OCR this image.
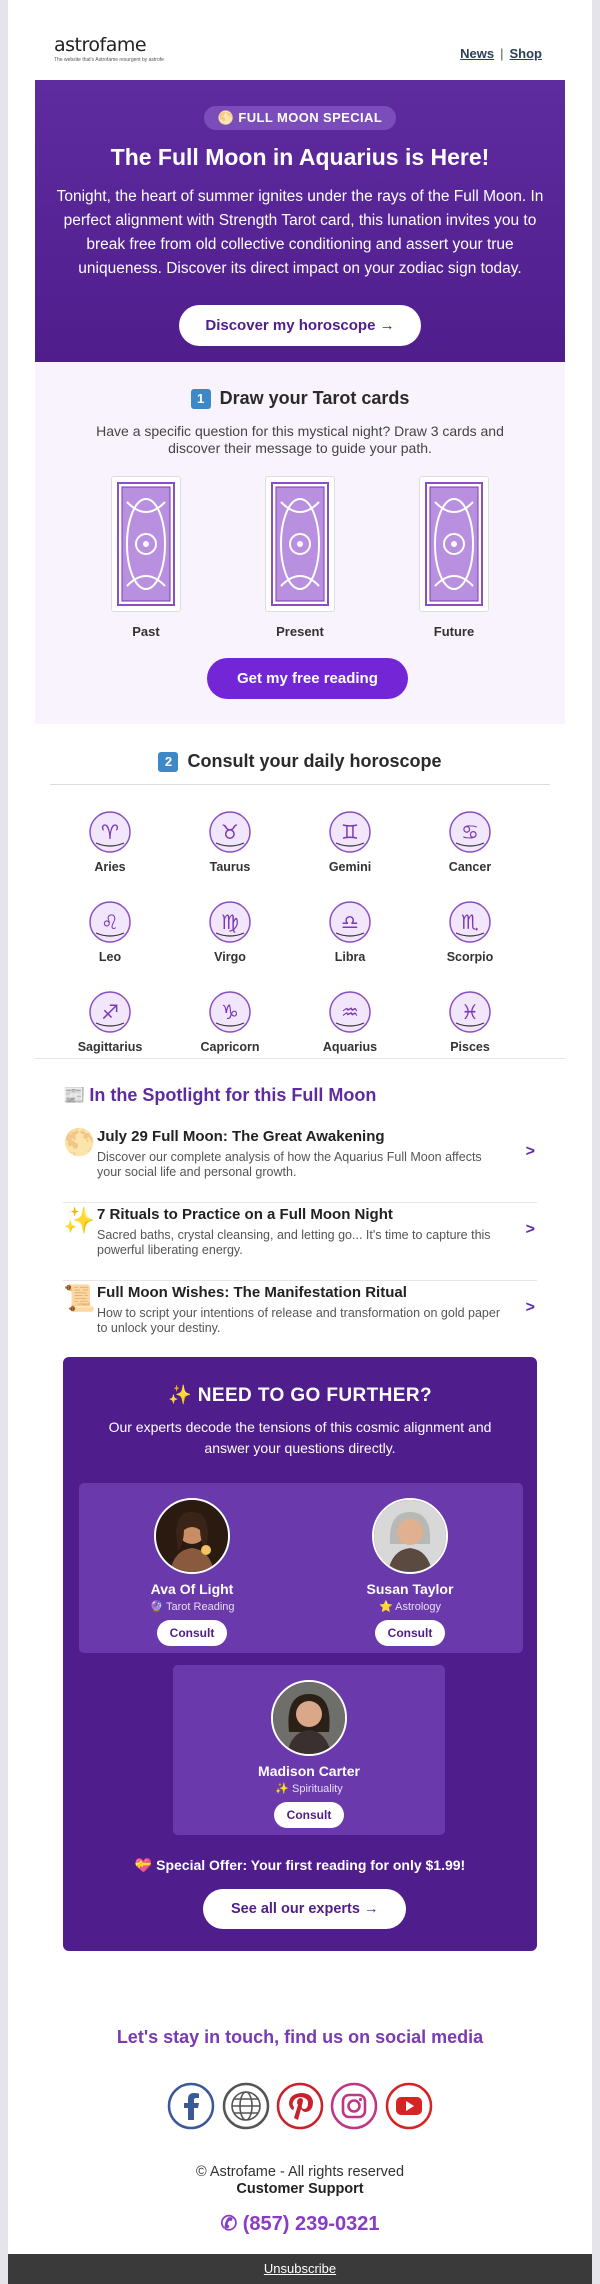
astrofame
The website that's Astrofame resurgent by astrofe	News | Shop
🌕 FULL MOON SPECIAL
The Full Moon in Aquarius is Here!

Tonight, the heart of summer ignites under the rays of the Full Moon. In perfect alignment with Strength Tarot card, this lunation invites you to break free from old collective conditioning and assert your true uniqueness. Discover its direct impact on your zodiac sign today.

Discover my horoscope →
1 Draw your Tarot cards
Have a specific question for this mystical night? Draw 3 cards and discover their message to guide your path.
Past	Present	Future
Get my free reading
2 Consult your daily horoscope
♈
Aries
♉
Taurus
♊
Gemini
♋
Cancer
♌
Leo
♍
Virgo
♎
Libra
♏
Scorpio
♐
Sagittarius
♑
Capricorn
♒
Aquarius
♓
Pisces
📰 In the Spotlight for this Full Moon
🌕 July 29 Full Moon: The Great Awakening
Discover our complete analysis of how the Aquarius Full Moon affects your social life and personal growth.
>
✨ 7 Rituals to Practice on a Full Moon Night
Sacred baths, crystal cleansing, and letting go... It's time to capture this powerful liberating energy.
>
📜 Full Moon Wishes: The Manifestation Ritual
How to script your intentions of release and transformation on gold paper to unlock your destiny.
>
✨ NEED TO GO FURTHER?
Our experts decode the tensions of this cosmic alignment and answer your questions directly.
Ava Of Light
🔮 Tarot Reading
Consult
Susan Taylor
⭐ Astrology
Consult
Madison Carter
✨ Spirituality
Consult
💝 Special Offer: Your first reading for only $1.99!
See all our experts →
Let's stay in touch, find us on social media

© Astrofame - All rights reserved
Customer Support
✆ (857) 239-0321
Unsubscribe
